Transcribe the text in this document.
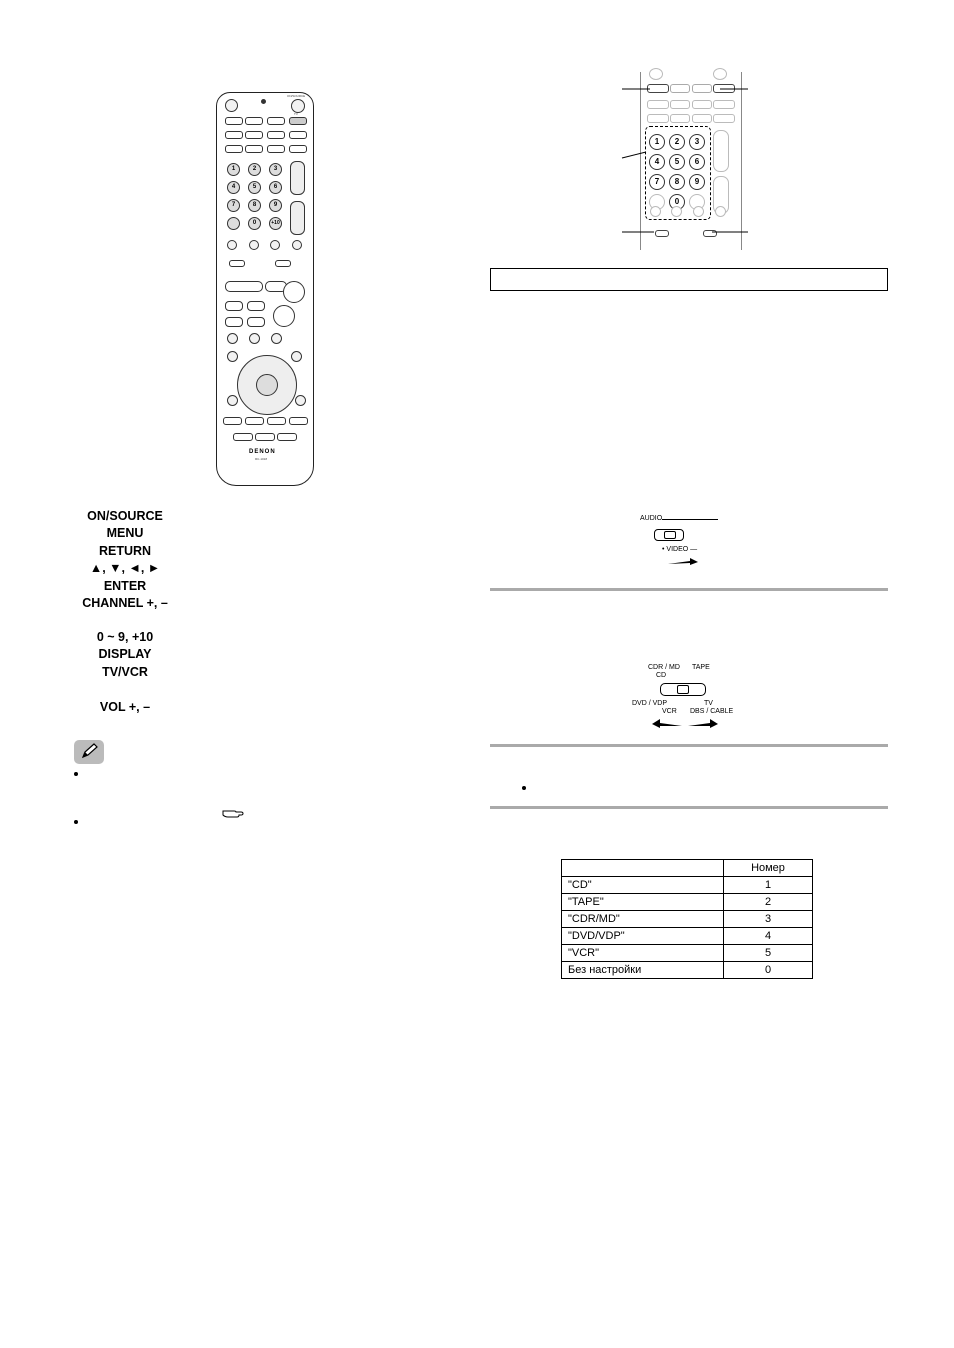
ON/SOURCE
TV
1	2	3
4	5	6
7	8	9
0	+10
DENON
RC-1018
ON/SOURCE
MENU
RETURN
▲, ▼, ◄, ►
ENTER
CHANNEL +, –
0 ~ 9, +10
DISPLAY
TV/VCR
VOL +, –
1	2	3
4	5	6
7	8	9
0
AUDIO
• VIDEO —
CDR / MD
CD
TAPE
DVD / VDP
VCR
TV
DBS / CABLE
	Номер
"CD"	1
"TAPE"	2
"CDR/MD"	3
"DVD/VDP"	4
"VCR"	5
Без настройки	0
